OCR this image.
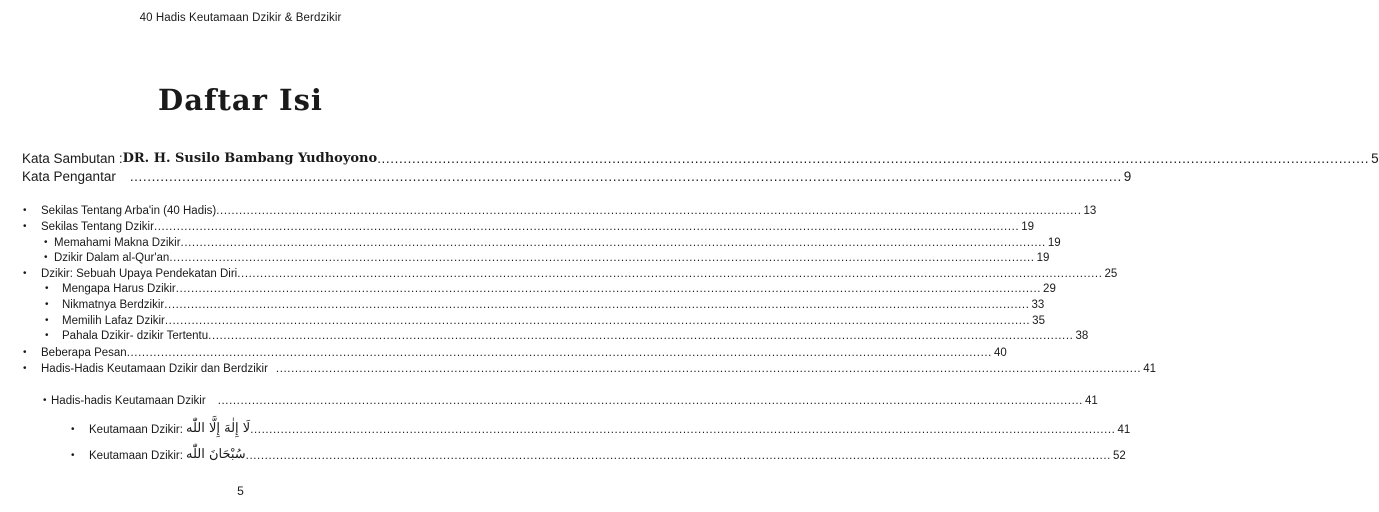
40 Hadis Keutamaan Dzikir & Berdzikir
Daftar Isi
Kata Sambutan : DR. H. Susilo Bambang Yudhoyono .................................................................................................................................................................................................................................... 5
Kata Pengantar	.................................................................................................................................................................................................................................... 9
• Sekilas Tentang Arba'in (40 Hadis) .................................................................................................................................................................................................................................... 13
• Sekilas Tentang Dzikir .................................................................................................................................................................................................................................... 19
• Memahami Makna Dzikir .................................................................................................................................................................................................................................... 19
• Dzikir Dalam al-Qur'an .................................................................................................................................................................................................................................... 19
• Dzikir: Sebuah Upaya Pendekatan Diri .................................................................................................................................................................................................................................... 25
• Mengapa Harus Dzikir .................................................................................................................................................................................................................................... 29
• Nikmatnya Berdzikir .................................................................................................................................................................................................................................... 33
• Memilih Lafaz Dzikir .................................................................................................................................................................................................................................... 35
• Pahala Dzikir- dzikir Tertentu .................................................................................................................................................................................................................................... 38
• Beberapa Pesan .................................................................................................................................................................................................................................... 40
• Hadis-Hadis Keutamaan Dzikir dan Berdzikir .................................................................................................................................................................................................................................... 41
• Hadis-hadis Keutamaan Dzikir	.................................................................................................................................................................................................................................... 41
• Keutamaan Dzikir: لَا إِلٰهَ إِلَّا اللّٰه .................................................................................................................................................................................................................................... 41
• Keutamaan Dzikir: سُبْحَانَ اللّٰه .................................................................................................................................................................................................................................... 52
5
